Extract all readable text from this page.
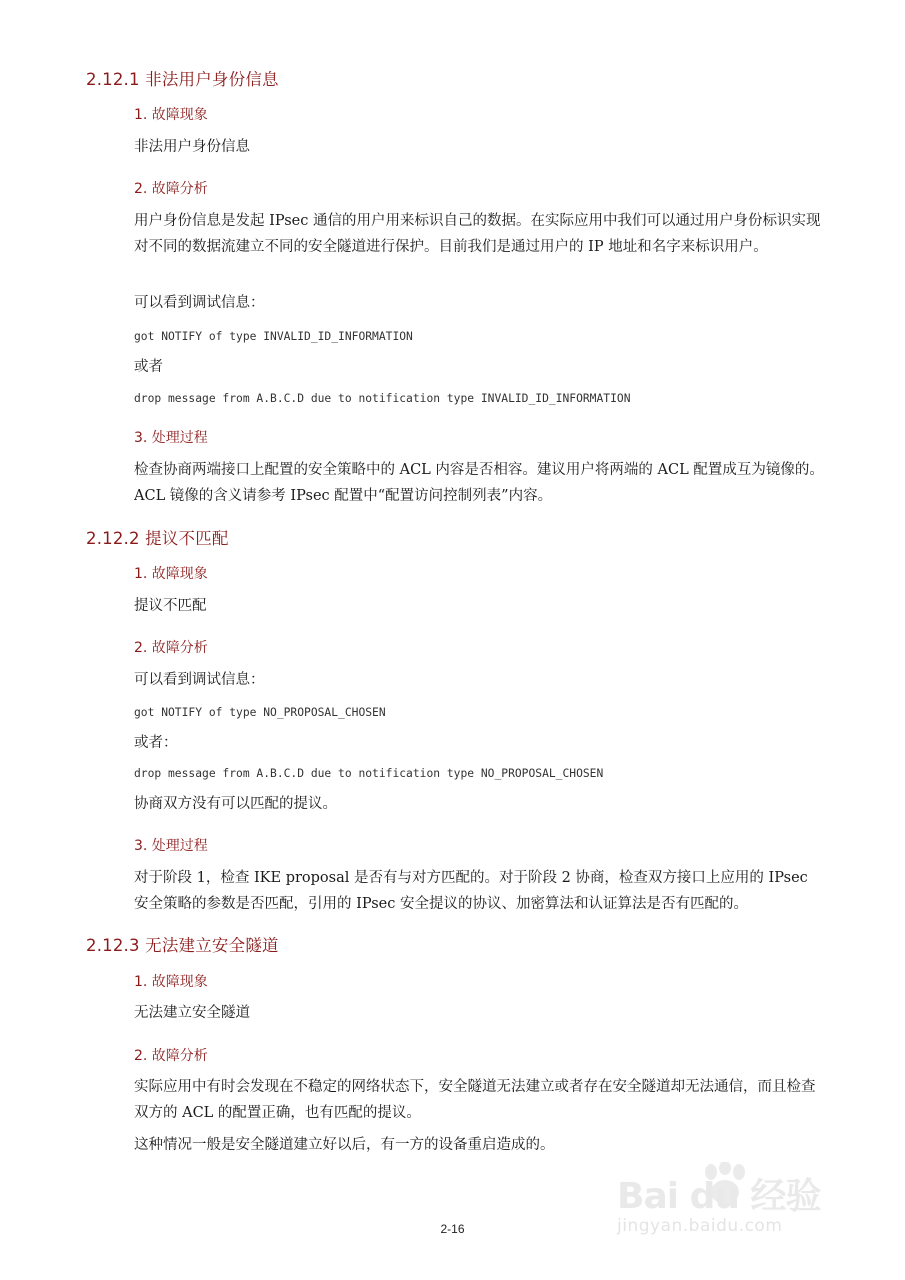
2.12.1 非法用户身份信息
1. 故障现象
非法用户身份信息
2. 故障分析
用户身份信息是发起 IPsec 通信的用户用来标识自己的数据。在实际应用中我们可以通过用户身份标识实现对不同的数据流建立不同的安全隧道进行保护。目前我们是通过用户的 IP 地址和名字来标识用户。
可以看到调试信息：
got NOTIFY of type INVALID_ID_INFORMATION
或者
drop message from A.B.C.D due to notification type INVALID_ID_INFORMATION
3. 处理过程
检查协商两端接口上配置的安全策略中的 ACL 内容是否相容。建议用户将两端的 ACL 配置成互为镜像的。ACL 镜像的含义请参考 IPsec 配置中“配置访问控制列表”内容。
2.12.2 提议不匹配
1. 故障现象
提议不匹配
2. 故障分析
可以看到调试信息：
got NOTIFY of type NO_PROPOSAL_CHOSEN
或者：
drop message from A.B.C.D due to notification type NO_PROPOSAL_CHOSEN
协商双方没有可以匹配的提议。
3. 处理过程
对于阶段 1，检查 IKE proposal 是否有与对方匹配的。对于阶段 2 协商，检查双方接口上应用的 IPsec 安全策略的参数是否匹配，引用的 IPsec 安全提议的协议、加密算法和认证算法是否有匹配的。
2.12.3 无法建立安全隧道
1. 故障现象
无法建立安全隧道
2. 故障分析
实际应用中有时会发现在不稳定的网络状态下，安全隧道无法建立或者存在安全隧道却无法通信，而且检查双方的 ACL 的配置正确，也有匹配的提议。
这种情况一般是安全隧道建立好以后，有一方的设备重启造成的。
Bai du 经验
jingyan.baidu.com
2-16
